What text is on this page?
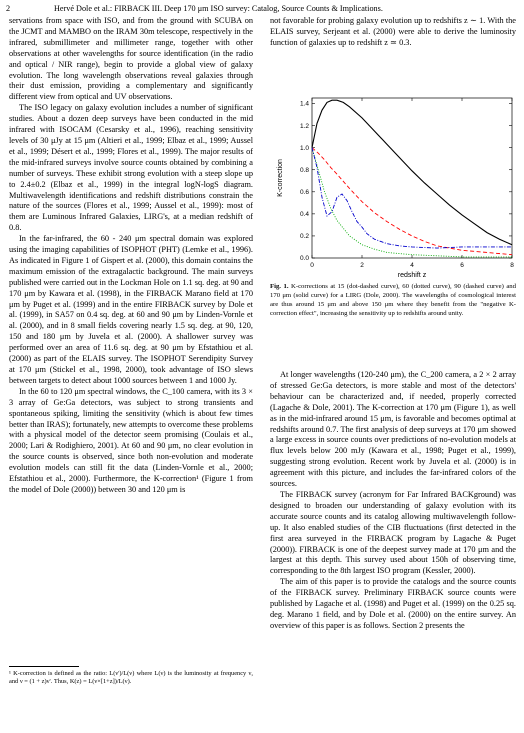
2	Hervé Dole et al.: FIRBACK III. Deep 170 μm ISO survey: Catalog, Source Counts & Implications.

servations from space with ISO, and from the ground with SCUBA on the JCMT and MAMBO on the IRAM 30m telescope, respectively in the infrared, submillimeter and millimeter range, together with other observations at other wavelengths for source identification (in the radio and optical / NIR range), begin to provide a global view of galaxy evolution. The long wavelength observations reveal galaxies through their dust emission, providing a complementary and significantly different view from optical and UV observations.

The ISO legacy on galaxy evolution includes a number of significant studies. About a dozen deep surveys have been conducted in the mid infrared with ISOCAM (Cesarsky et al., 1996), reaching sensitivity levels of 30 μJy at 15 μm (Altieri et al., 1999; Elbaz et al., 1999; Aussel et al., 1999; Désert et al., 1999; Flores et al., 1999). The major results of the mid-infrared surveys involve source counts obtained by combining a number of surveys. These exhibit strong evolution with a steep slope up to 2.4±0.2 (Elbaz et al., 1999) in the integral logN-logS diagram. Multiwavelength identifications and redshift distributions constrain the nature of the sources (Flores et al., 1999; Aussel et al., 1999): most of them are Luminous Infrared Galaxies, LIRG's, at a median redshift of 0.8.

In the far-infrared, the 60 - 240 μm spectral domain was explored using the imaging capabilities of ISOPHOT (PHT) (Lemke et al., 1996). As indicated in Figure 1 of Gispert et al. (2000), this domain contains the maximum emission of the extragalactic background. The main surveys published were carried out in the Lockman Hole on 1.1 sq. deg. at 90 and 170 μm by Kawara et al. (1998), in the FIRBACK Marano field at 170 μm by Puget et al. (1999) and in the entire FIRBACK survey by Dole et al. (1999), in SA57 on 0.4 sq. deg. at 60 and 90 μm by Linden-Vornle et al. (2000), and in 8 small fields covering nearly 1.5 sq. deg. at 90, 120, 150 and 180 μm by Juvela et al. (2000). A shallower survey was performed over an area of 11.6 sq. deg. at 90 μm by Efstathiou et al. (2000) as part of the ELAIS survey. The ISOPHOT Serendipity Survey at 170 μm (Stickel et al., 1998, 2000), took advantage of ISO slews between targets to detect about 1000 sources between 1 and 1000 Jy.

In the 60 to 120 μm spectral windows, the C_100 camera, with its 3 × 3 array of Ge:Ga detectors, was subject to strong transients and spontaneous spiking, limiting the sensitivity (which is about few times better than IRAS); fortunately, new attempts to overcome these problems with a physical model of the detector seem promising (Coulais et al., 2000; Lari & Rodighiero, 2001). At 60 and 90 μm, no clear evolution in the source counts is observed, since both non-evolution and moderate evolution models can still fit the data (Linden-Vornle et al., 2000; Efstathiou et al., 2000). Furthermore, the K-correction¹ (Figure 1 from the model of Dole (2000)) between 30 and 120 μm is

¹ K-correction is defined as the ratio: L(ν')/L(ν) where L(ν) is the luminosity at frequency ν, and ν = (1 + z)ν'. Thus, K(z) = L(ν×[1+z])/L(ν).

not favorable for probing galaxy evolution up to redshifts z ∼ 1. With the ELAIS survey, Serjeant et al. (2000) were able to derive the luminosity function of galaxies up to redshift z ≃ 0.3.

0	2	4	6	8
0.0
0.2
0.4
0.6
0.8
1.0
1.2
1.4
redshift z
K-correction
Fig. 1. K-corrections at 15 (dot-dashed curve), 60 (dotted curve), 90 (dashed curve) and 170 μm (solid curve) for a LIRG (Dole, 2000). The wavelengths of cosmological interest are thus around 15 μm and above 150 μm where they benefit from the "negative K-correction effect", increasing the sensitivity up to redshifts around unity.

At longer wavelengths (120-240 μm), the C_200 camera, a 2 × 2 array of stressed Ge:Ga detectors, is more stable and most of the detectors' behaviour can be characterized and, if needed, properly corrected (Lagache & Dole, 2001). The K-correction at 170 μm (Figure 1), as well as in the mid-infrared around 15 μm, is favorable and becomes optimal at redshifts around 0.7. The first analysis of deep surveys at 170 μm showed a large excess in source counts over predictions of no-evolution models at flux levels below 200 mJy (Kawara et al., 1998; Puget et al., 1999), suggesting strong evolution. Recent work by Juvela et al. (2000) is in agreement with this picture, and includes the far-infrared colors of the sources.

The FIRBACK survey (acronym for Far Infrared BACKground) was designed to broaden our understanding of galaxy evolution with its accurate source counts and its catalog allowing multiwavelength follow-up. It also enabled studies of the CIB fluctuations (first detected in the first area surveyed in the FIRBACK program by Lagache & Puget (2000)). FIRBACK is one of the deepest survey made at 170 μm and the largest at this depth. This survey used about 150h of observing time, corresponding to the 8th largest ISO program (Kessler, 2000).

The aim of this paper is to provide the catalogs and the source counts of the FIRBACK survey. Preliminary FIRBACK source counts were published by Lagache et al. (1998) and Puget et al. (1999) on the 0.25 sq. deg. Marano 1 field, and by Dole et al. (2000) on the entire survey. An overview of this paper is as follows. Section 2 presents the
